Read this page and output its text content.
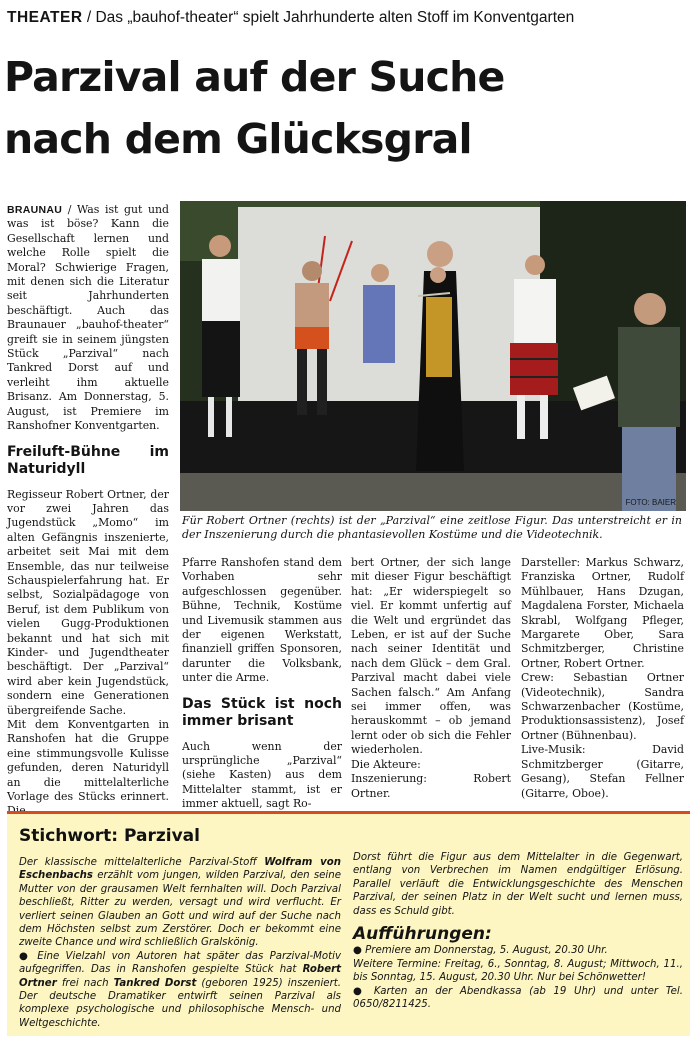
THEATER / Das „bauhof-theater“ spielt Jahrhunderte alten Stoff im Konventgarten
Parzival auf der Suche
nach dem Glücksgral

BRAUNAU / Was ist gut und was ist böse? Kann die Gesellschaft lernen und welche Rolle spielt die Moral? Schwierige Fragen, mit denen sich die Literatur seit Jahrhunderten beschäftigt. Auch das Braunauer „bauhof-theater“ greift sie in seinem jüngsten Stück „Parzival“ nach Tankred Dorst auf und verleiht ihm aktuelle Brisanz. Am Donnerstag, 5. August, ist Premiere im Ranshofner Konventgarten.

Freiluft-Bühne im Naturidyll

Regisseur Robert Ortner, der vor zwei Jahren das Jugendstück „Momo“ im alten Gefängnis inszenierte, arbeitet seit Mai mit dem Ensemble, das nur teilweise Schauspielerfahrung hat. Er selbst, Sozialpädagoge von Beruf, ist dem Publikum von vielen Gugg-Produktionen bekannt und hat sich mit Kinder- und Jugendtheater beschäftigt. Der „Parzival“ wird aber kein Jugendstück, sondern eine Generationen übergreifende Sache.

Mit dem Konventgarten in Ranshofen hat die Gruppe eine stimmungsvolle Kulisse gefunden, deren Naturidyll an die mittelalterliche Vorlage des Stücks erinnert.

FOTO: BAIER
Für Robert Ortner (rechts) ist der „Parzival“ eine zeitlose Figur. Das unterstreicht er in der Inszenierung durch die phantasievollen Kostüme und die Videotechnik.

Pfarre Ranshofen stand dem Vorhaben sehr aufgeschlossen gegenüber. Bühne, Technik, Kostüme und Livemusik stammen aus der eigenen Werkstatt, finanziell griffen Sponsoren, darunter die Volksbank, unter die Arme.

Das Stück ist noch immer brisant

Auch wenn der ursprüngliche „Parzival“ (siehe Kasten) aus dem Mittelalter stammt, ist er immer aktuell, sagt Ro-

bert Ortner, der sich lange mit dieser Figur beschäftigt hat: „Er widerspiegelt so viel. Er kommt unfertig auf die Welt und ergründet das Leben, er ist auf der Suche nach seiner Identität und nach dem Glück – dem Gral. Parzival macht dabei viele Sachen falsch.“ Am Anfang sei immer offen, was herauskommt – ob jemand lernt oder ob sich die Fehler wiederholen.

Die Akteure:

Inszenierung: Robert Ortner.

Darsteller: Markus Schwarz, Franziska Ortner, Rudolf Mühlbauer, Hans Dzugan, Magdalena Forster, Michaela Skrabl, Wolfgang Pfleger, Margarete Ober, Sara Schmitzberger, Christine Ortner, Robert Ortner.

Crew: Sebastian Ortner (Videotechnik), Sandra Schwarzenbacher (Kostüme, Produktionsassistenz), Josef Ortner (Bühnenbau).

Live-Musik: David Schmitzberger (Gitarre, Gesang), Stefan Fellner (Gitarre, Oboe).

Stichwort: Parzival

Der klassische mittelalterliche Parzival-Stoff Wolfram von Eschenbachs erzählt vom jungen, wilden Parzival, den seine Mutter von der grausamen Welt fernhalten will. Doch Parzival beschließt, Ritter zu werden, versagt und wird verflucht. Er verliert seinen Glauben an Gott und wird auf der Suche nach dem Höchsten selbst zum Zerstörer. Doch er bekommt eine zweite Chance und wird schließlich Gralskönig.

● Eine Vielzahl von Autoren hat später das Parzival-Motiv aufgegriffen. Das in Ranshofen gespielte Stück hat Robert Ortner frei nach Tankred Dorst (geboren 1925) inszeniert. Der deutsche Dramatiker entwirft seinen Parzival als komplexe psychologische und philosophische Mensch- und Weltgeschichte.

Dorst führt die Figur aus dem Mittelalter in die Gegenwart, entlang von Verbrechen im Namen endgültiger Erlösung. Parallel verläuft die Entwicklungsgeschichte des Menschen Parzival, der seinen Platz in der Welt sucht und lernen muss, dass es Schuld gibt.

Aufführungen:

● Premiere am Donnerstag, 5. August, 20.30 Uhr.

Weitere Termine: Freitag, 6., Sonntag, 8. August; Mittwoch, 11., bis Sonntag, 15. August, 20.30 Uhr. Nur bei Schönwetter!

● Karten an der Abendkassa (ab 19 Uhr) und unter Tel. 0650/8211425.
